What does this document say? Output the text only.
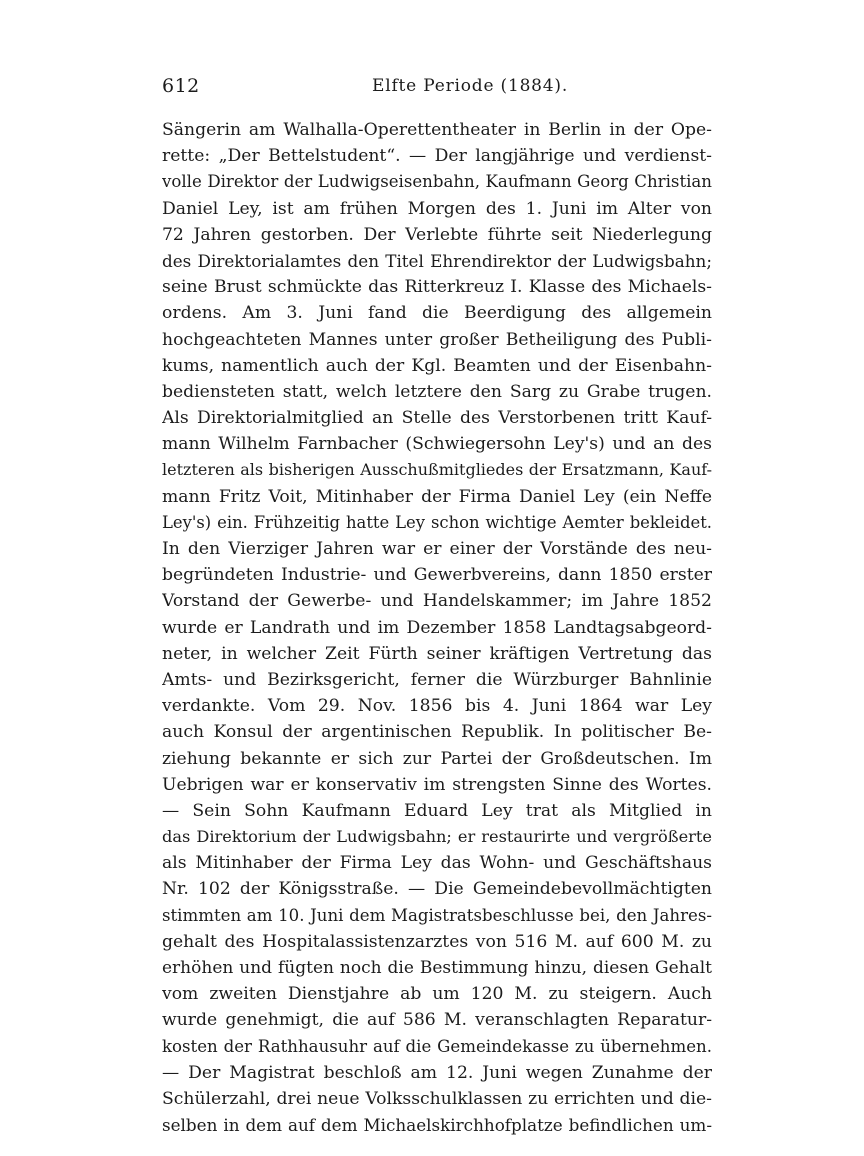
612	Elfte Periode (1884).
Sängerin am Walhalla-Operettentheater in Berlin in der Ope-
rette: „Der Bettelstudent“. — Der langjährige und verdienst-
volle Direktor der Ludwigseisenbahn, Kaufmann Georg Christian
Daniel Ley, ist am frühen Morgen des 1. Juni im Alter von
72 Jahren gestorben. Der Verlebte führte seit Niederlegung
des Direktorialamtes den Titel Ehrendirektor der Ludwigsbahn;
seine Brust schmückte das Ritterkreuz I. Klasse des Michaels-
ordens. Am 3. Juni fand die Beerdigung des allgemein
hochgeachteten Mannes unter großer Betheiligung des Publi-
kums, namentlich auch der Kgl. Beamten und der Eisenbahn-
bediensteten statt, welch letztere den Sarg zu Grabe trugen.
Als Direktorialmitglied an Stelle des Verstorbenen tritt Kauf-
mann Wilhelm Farnbacher (Schwiegersohn Ley's) und an des
letzteren als bisherigen Ausschußmitgliedes der Ersatzmann, Kauf-
mann Fritz Voit, Mitinhaber der Firma Daniel Ley (ein Neffe
Ley's) ein. Frühzeitig hatte Ley schon wichtige Aemter bekleidet.
In den Vierziger Jahren war er einer der Vorstände des neu-
begründeten Industrie- und Gewerbvereins, dann 1850 erster
Vorstand der Gewerbe- und Handelskammer; im Jahre 1852
wurde er Landrath und im Dezember 1858 Landtagsabgeord-
neter, in welcher Zeit Fürth seiner kräftigen Vertretung das
Amts- und Bezirksgericht, ferner die Würzburger Bahnlinie
verdankte. Vom 29. Nov. 1856 bis 4. Juni 1864 war Ley
auch Konsul der argentinischen Republik. In politischer Be-
ziehung bekannte er sich zur Partei der Großdeutschen. Im
Uebrigen war er konservativ im strengsten Sinne des Wortes.
— Sein Sohn Kaufmann Eduard Ley trat als Mitglied in
das Direktorium der Ludwigsbahn; er restaurirte und vergrößerte
als Mitinhaber der Firma Ley das Wohn- und Geschäftshaus
Nr. 102 der Königsstraße. — Die Gemeindebevollmächtigten
stimmten am 10. Juni dem Magistratsbeschlusse bei, den Jahres-
gehalt des Hospitalassistenzarztes von 516 M. auf 600 M. zu
erhöhen und fügten noch die Bestimmung hinzu, diesen Gehalt
vom zweiten Dienstjahre ab um 120 M. zu steigern. Auch
wurde genehmigt, die auf 586 M. veranschlagten Reparatur-
kosten der Rathhausuhr auf die Gemeindekasse zu übernehmen.
— Der Magistrat beschloß am 12. Juni wegen Zunahme der
Schülerzahl, drei neue Volksschulklassen zu errichten und die-
selben in dem auf dem Michaelskirchhofplatze befindlichen um-
